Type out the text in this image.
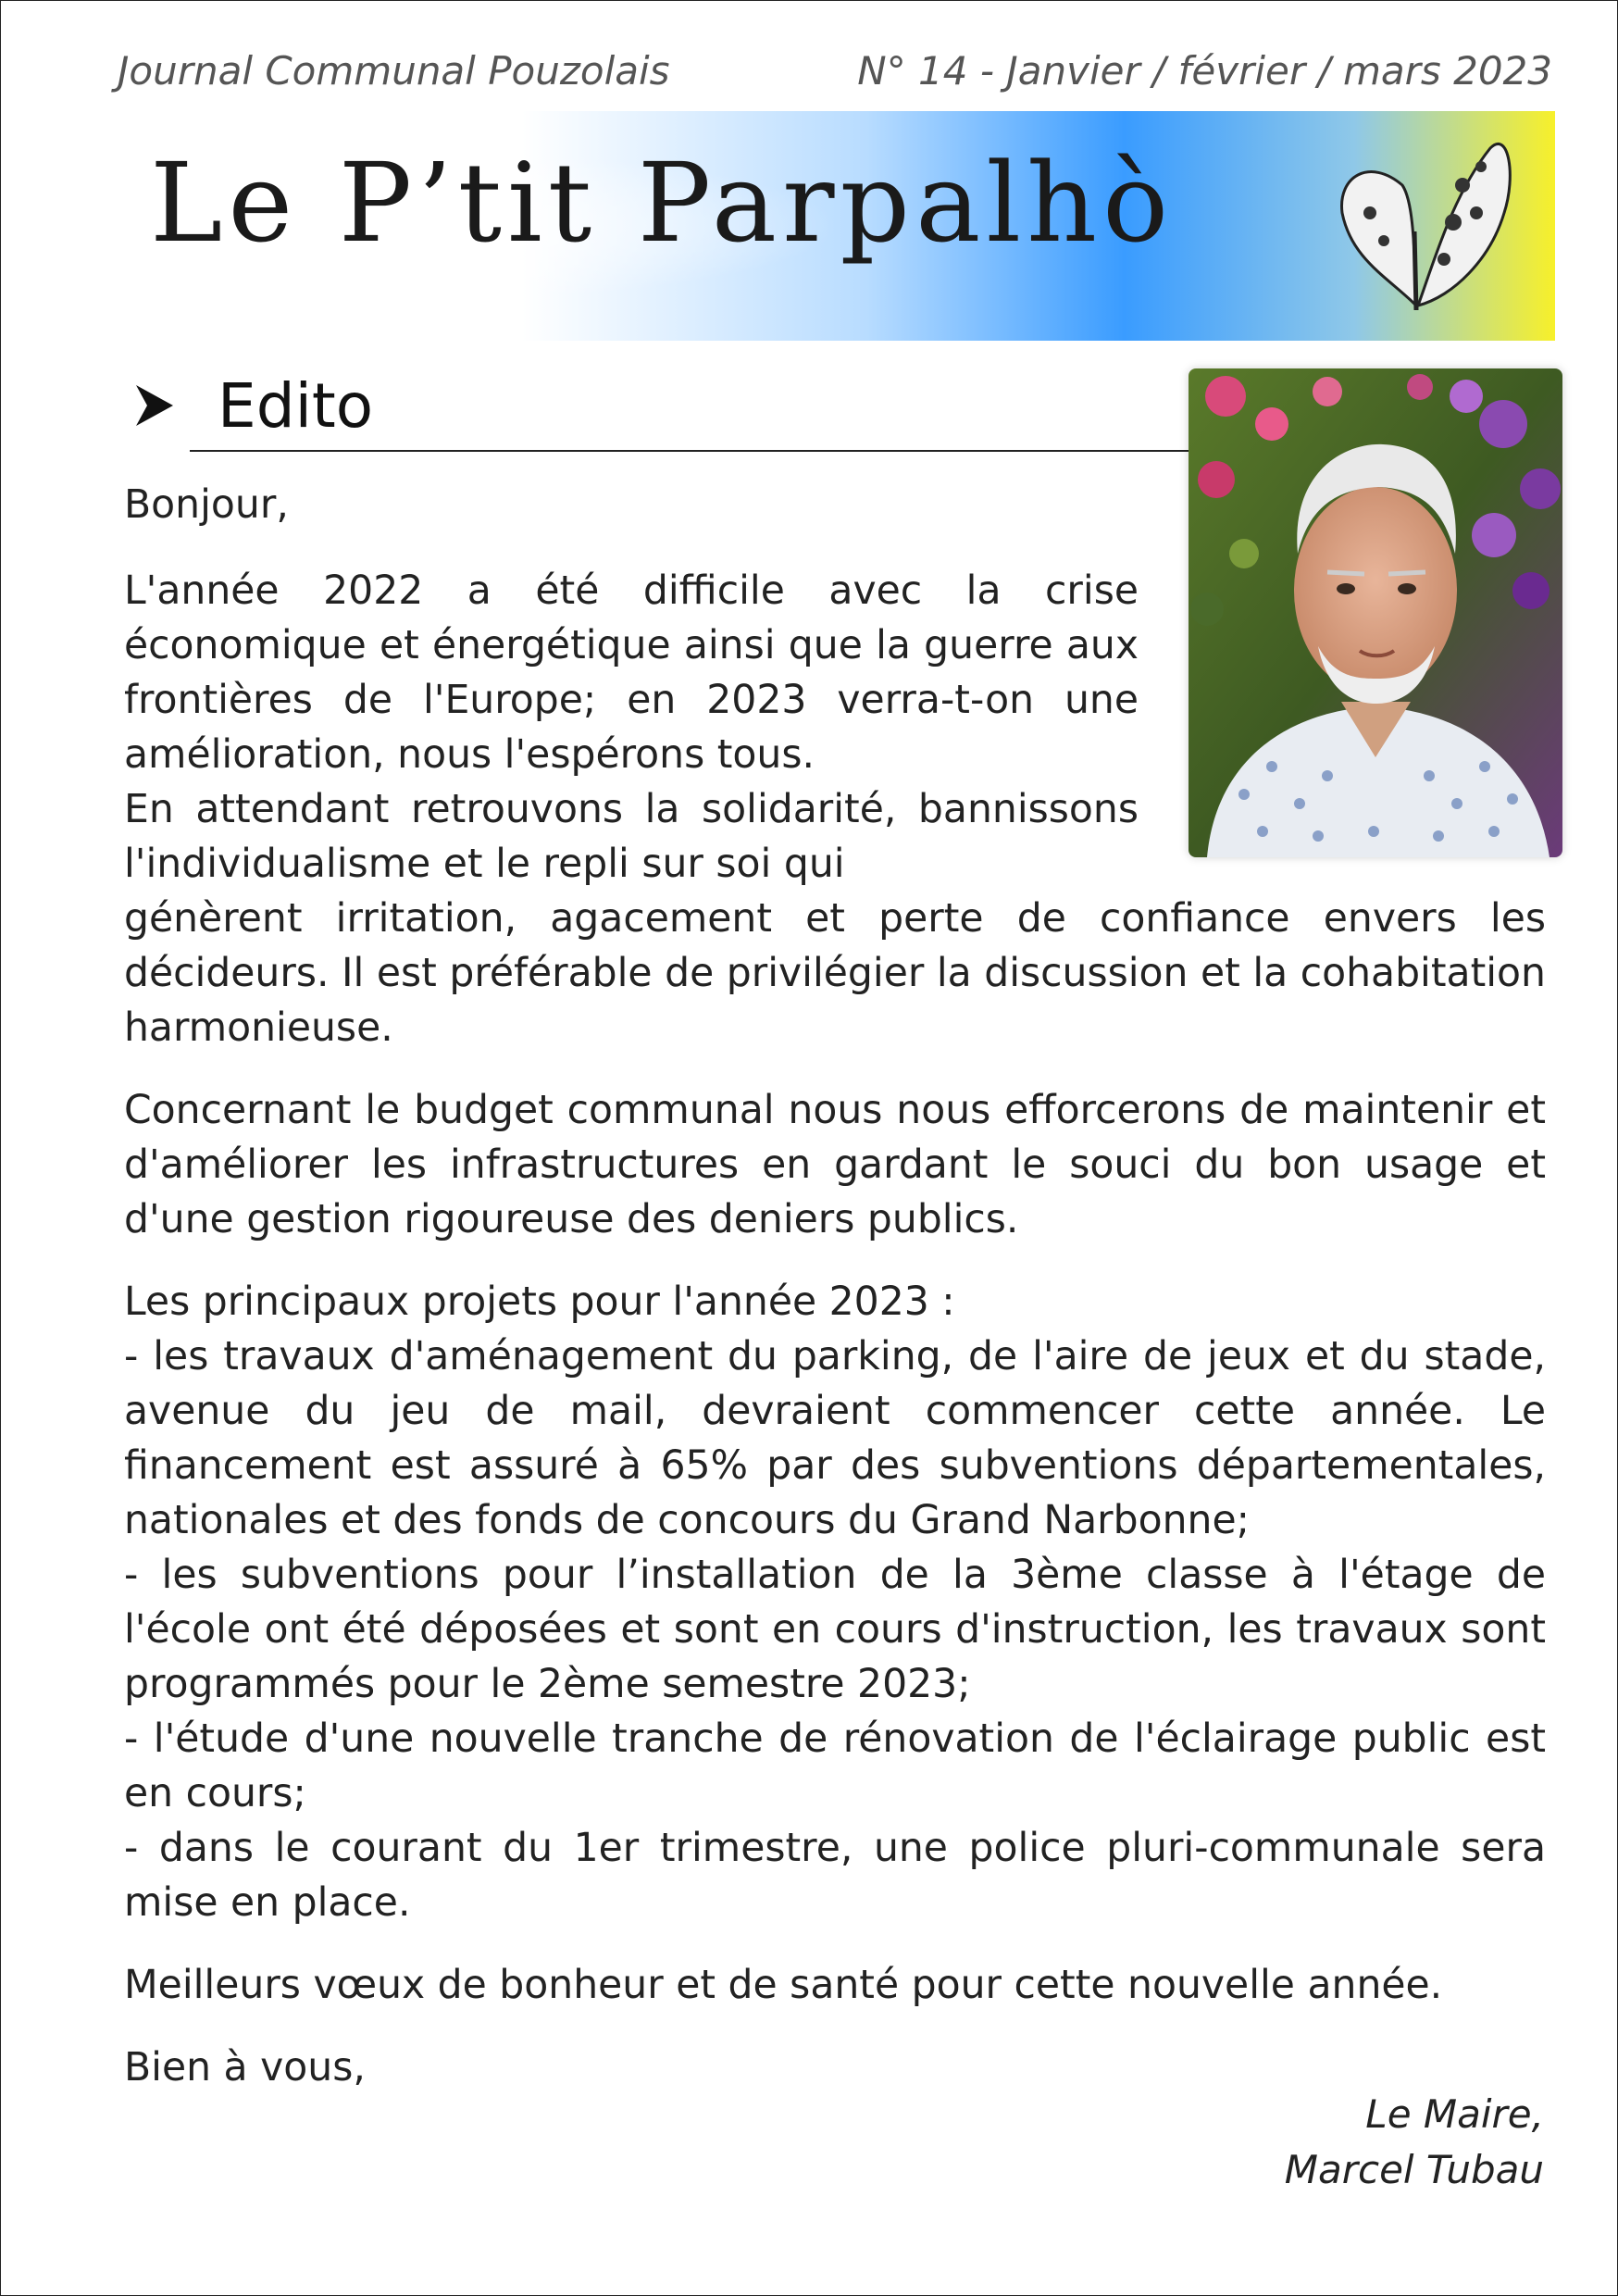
Journal Communal Pouzolais	N° 14 - Janvier / février / mars 2023
Le P’tit Parpalhò
Edito

Bonjour,

L'année 2022 a été difficile avec la crise économique et énergétique ainsi que la guerre aux frontières de l'Europe; en 2023 verra-t-on une amélioration, nous l'espérons tous.

En attendant retrouvons la solidarité, bannissons l'individualisme et le repli sur soi qui

génèrent irritation, agacement et perte de confiance envers les décideurs. Il est préférable de privilégier la discussion et la cohabitation harmonieuse.

Concernant le budget communal nous nous efforcerons de maintenir et d'améliorer les infrastructures en gardant le souci du bon usage et d'une gestion rigoureuse des deniers publics.

Les principaux projets pour l'année 2023 :

- les travaux d'aménagement du parking, de l'aire de jeux et du stade, avenue du jeu de mail, devraient commencer cette année. Le financement est assuré à 65% par des subventions départementales, nationales et des fonds de concours du Grand Narbonne;

- les subventions pour l’installation de la 3ème classe à l'étage de l'école ont été déposées et sont en cours d'instruction, les travaux sont programmés pour le 2ème semestre 2023;

- l'étude d'une nouvelle tranche de rénovation de l'éclairage public est en cours;

- dans le courant du 1er trimestre, une police pluri-communale sera mise en place.

Meilleurs vœux de bonheur et de santé pour cette nouvelle année.

Bien à vous,

Le Maire,
Marcel Tubau
